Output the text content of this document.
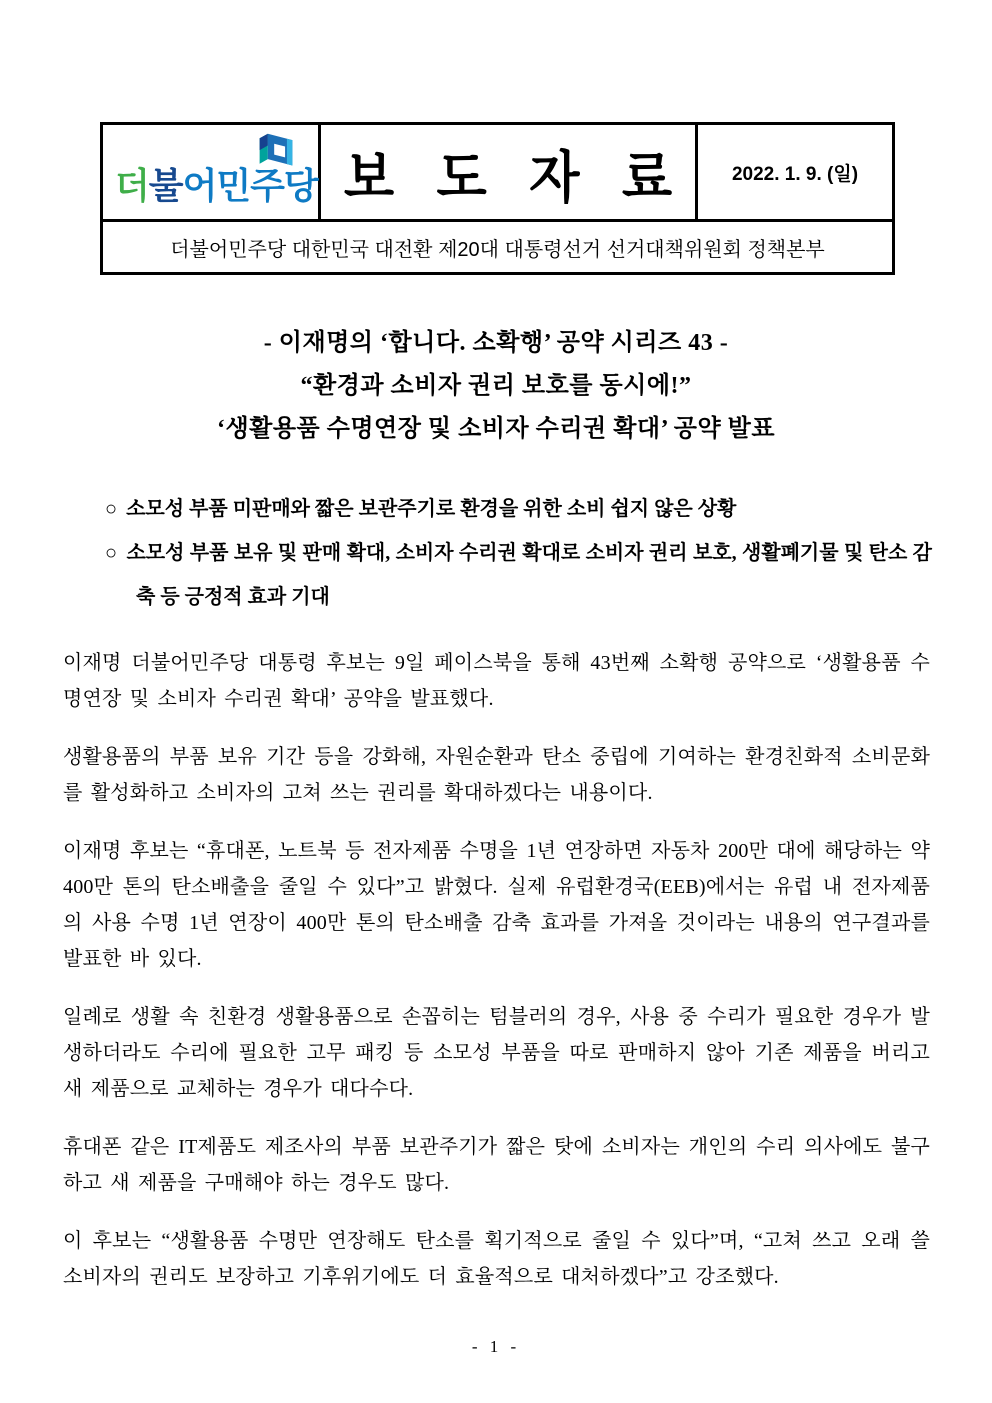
더불어민주당 보 도 자 료 2022. 1. 9. (일)
더불어민주당 대한민국 대전환 제20대 대통령선거 선거대책위원회 정책본부
- 이재명의 ‘합니다. 소확행’ 공약 시리즈 43 -
“환경과 소비자 권리 보호를 동시에!”
‘생활용품 수명연장 및 소비자 수리권 확대’ 공약 발표
○ 소모성 부품 미판매와 짧은 보관주기로 환경을 위한 소비 쉽지 않은 상황
○ 소모성 부품 보유 및 판매 확대, 소비자 수리권 확대로 소비자 권리 보호, 생활폐기물 및 탄소 감축 등 긍정적 효과 기대
이재명 더불어민주당 대통령 후보는 9일 페이스북을 통해 43번째 소확행 공약으로 ‘생활용품 수명연장 및 소비자 수리권 확대’ 공약을 발표했다.
생활용품의 부품 보유 기간 등을 강화해, 자원순환과 탄소 중립에 기여하는 환경친화적 소비문화를 활성화하고 소비자의 고쳐 쓰는 권리를 확대하겠다는 내용이다.
이재명 후보는 “휴대폰, 노트북 등 전자제품 수명을 1년 연장하면 자동차 200만 대에 해당하는 약 400만 톤의 탄소배출을 줄일 수 있다”고 밝혔다. 실제 유럽환경국(EEB)에서는 유럽 내 전자제품의 사용 수명 1년 연장이 400만 톤의 탄소배출 감축 효과를 가져올 것이라는 내용의 연구결과를 발표한 바 있다.
일례로 생활 속 친환경 생활용품으로 손꼽히는 텀블러의 경우, 사용 중 수리가 필요한 경우가 발생하더라도 수리에 필요한 고무 패킹 등 소모성 부품을 따로 판매하지 않아 기존 제품을 버리고 새 제품으로 교체하는 경우가 대다수다.
휴대폰 같은 IT제품도 제조사의 부품 보관주기가 짧은 탓에 소비자는 개인의 수리 의사에도 불구하고 새 제품을 구매해야 하는 경우도 많다.
이 후보는 “생활용품 수명만 연장해도 탄소를 획기적으로 줄일 수 있다”며, “고쳐 쓰고 오래 쓸 소비자의 권리도 보장하고 기후위기에도 더 효율적으로 대처하겠다”고 강조했다.
- 1 -
